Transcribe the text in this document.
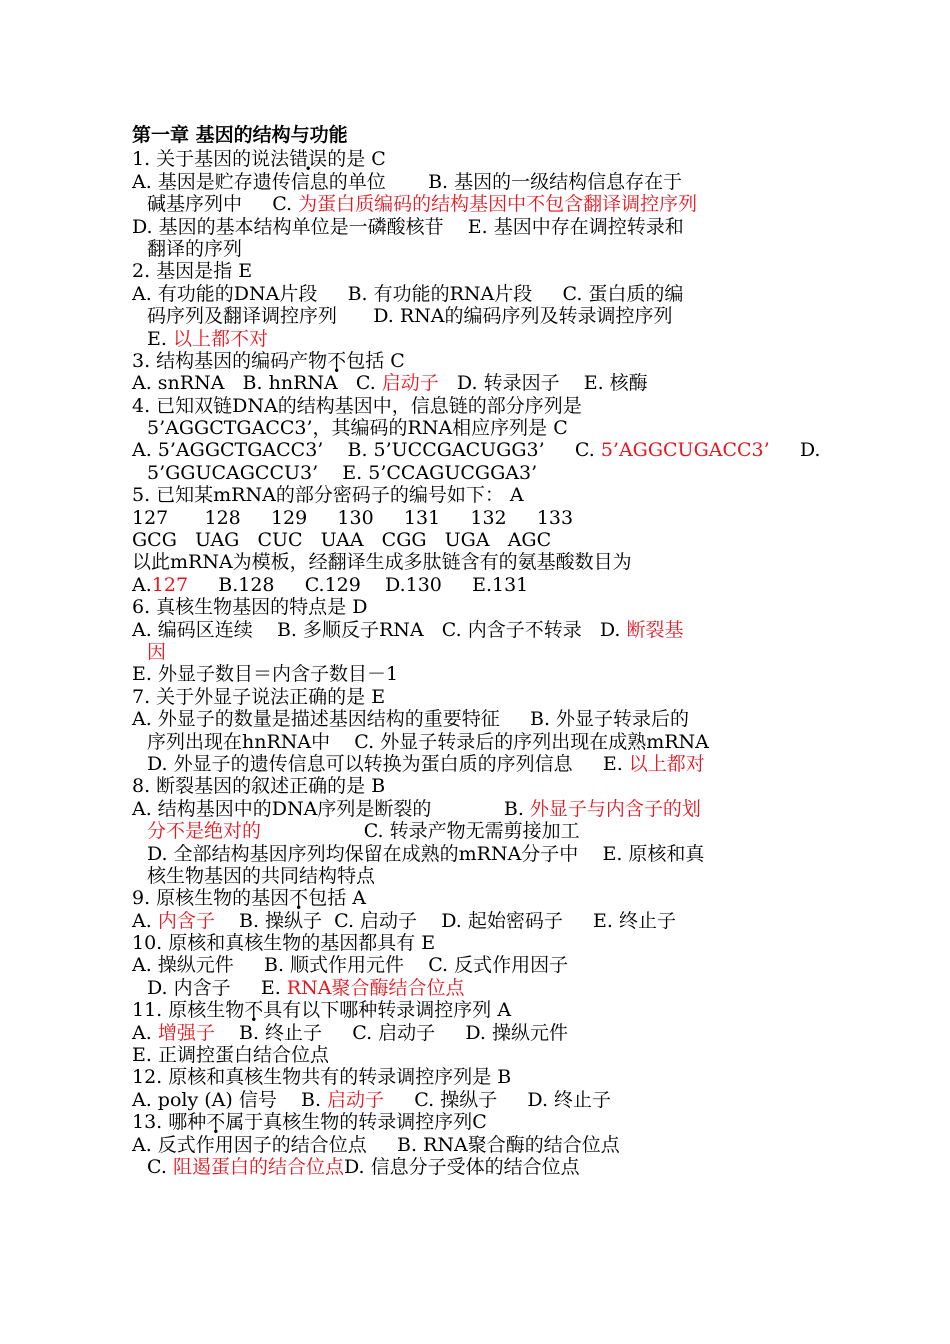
第一章 基因的结构与功能
1. 关于基因的说法错误的是 C
A. 基因是贮存遗传信息的单位       B. 基因的一级结构信息存在于
碱基序列中     C. 为蛋白质编码的结构基因中不包含翻译调控序列
D. 基因的基本结构单位是一磷酸核苷    E. 基因中存在调控转录和
翻译的序列
2. 基因是指 E
A. 有功能的DNA片段     B. 有功能的RNA片段     C. 蛋白质的编
码序列及翻译调控序列      D. RNA的编码序列及转录调控序列
E. 以上都不对
3. 结构基因的编码产物不包括 C
A. snRNA   B. hnRNA   C. 启动子   D. 转录因子    E. 核酶
4. 已知双链DNA的结构基因中，信息链的部分序列是
5’AGGCTGACC3’，其编码的RNA相应序列是 C
A. 5’AGGCTGACC3’    B. 5’UCCGACUGG3’     C. 5’AGGCUGACC3’     D.
5’GGUCAGCCU3’    E. 5’CCAGUCGGA3’
5. 已知某mRNA的部分密码子的编号如下： A
127      128     129     130     131     132     133
GCG   UAG   CUC   UAA   CGG   UGA   AGC
以此mRNA为模板，经翻译生成多肽链含有的氨基酸数目为
A.127     B.128     C.129    D.130     E.131
6. 真核生物基因的特点是 D
A. 编码区连续    B. 多顺反子RNA   C. 内含子不转录   D. 断裂基
因
E. 外显子数目＝内含子数目－1
7. 关于外显子说法正确的是 E
A. 外显子的数量是描述基因结构的重要特征     B. 外显子转录后的
序列出现在hnRNA中    C. 外显子转录后的序列出现在成熟mRNA
D. 外显子的遗传信息可以转换为蛋白质的序列信息     E. 以上都对
8. 断裂基因的叙述正确的是 B
A. 结构基因中的DNA序列是断裂的            B. 外显子与内含子的划
分不是绝对的                 C. 转录产物无需剪接加工
D. 全部结构基因序列均保留在成熟的mRNA分子中    E. 原核和真
核生物基因的共同结构特点
9. 原核生物的基因不包括 A
A. 内含子    B. 操纵子  C. 启动子    D. 起始密码子     E. 终止子
10. 原核和真核生物的基因都具有 E
A. 操纵元件     B. 顺式作用元件    C. 反式作用因子
D. 内含子     E. RNA聚合酶结合位点
11. 原核生物不具有以下哪种转录调控序列 A
A. 增强子    B. 终止子     C. 启动子     D. 操纵元件
E. 正调控蛋白结合位点
12. 原核和真核生物共有的转录调控序列是 B
A. poly (A) 信号    B. 启动子     C. 操纵子     D. 终止子
13. 哪种不属于真核生物的转录调控序列C
A. 反式作用因子的结合位点     B. RNA聚合酶的结合位点
C. 阻遏蛋白的结合位点D. 信息分子受体的结合位点
